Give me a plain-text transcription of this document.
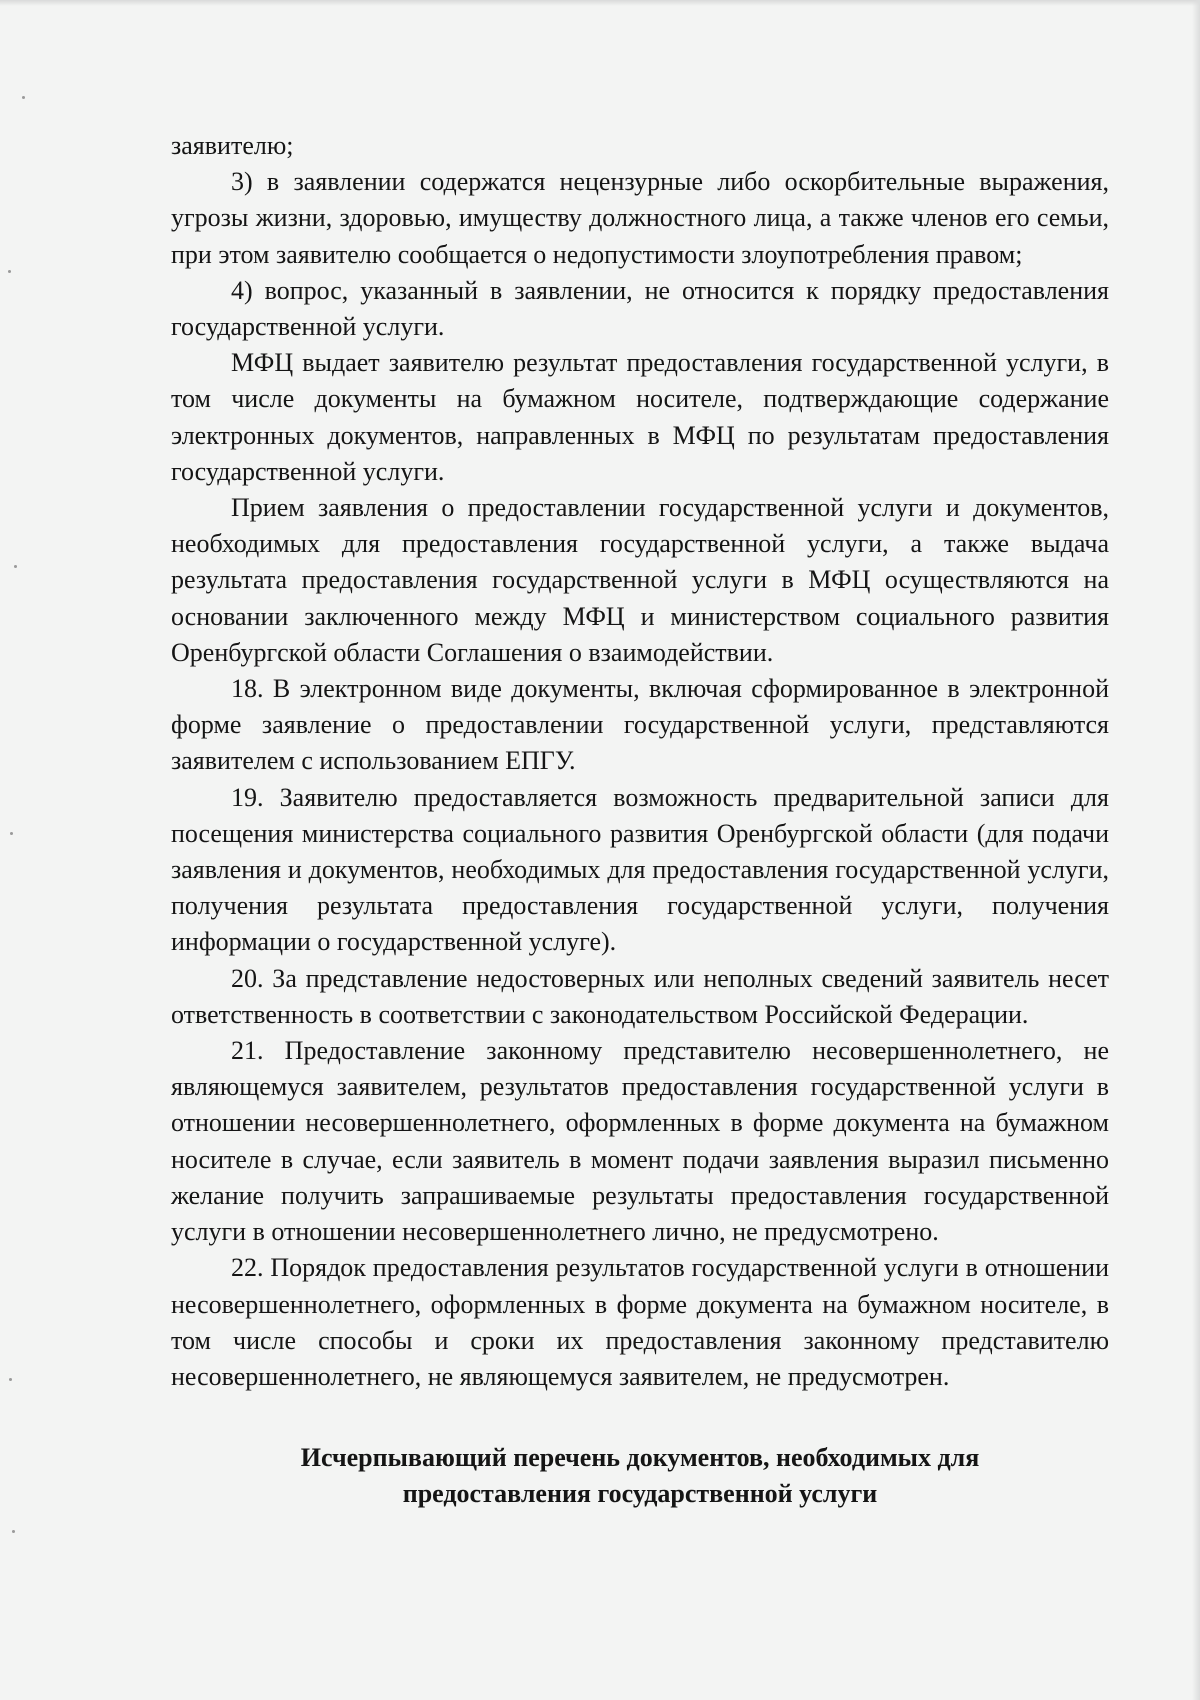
заявителю;

3) в заявлении содержатся нецензурные либо оскорбительные выражения, угрозы жизни, здоровью, имуществу должностного лица, а также членов его семьи, при этом заявителю сообщается о недопустимости злоупотребления правом;

4) вопрос, указанный в заявлении, не относится к порядку предоставления государственной услуги.

МФЦ выдает заявителю результат предоставления государственной услуги, в том числе документы на бумажном носителе, подтверждающие содержание электронных документов, направленных в МФЦ по результатам предоставления государственной услуги.

Прием заявления о предоставлении государственной услуги и документов, необходимых для предоставления государственной услуги, а также выдача результата предоставления государственной услуги в МФЦ осуществляются на основании заключенного между МФЦ и министерством социального развития Оренбургской области Соглашения о взаимодействии.

18. В электронном виде документы, включая сформированное в электронной форме заявление о предоставлении государственной услуги, представляются заявителем с использованием ЕПГУ.

19. Заявителю предоставляется возможность предварительной записи для посещения министерства социального развития Оренбургской области (для подачи заявления и документов, необходимых для предоставления государственной услуги, получения результата предоставления государственной услуги, получения информации о государственной услуге).

20. За представление недостоверных или неполных сведений заявитель несет ответственность в соответствии с законодательством Российской Федерации.

21. Предоставление законному представителю несовершеннолетнего, не являющемуся заявителем, результатов предоставления государственной услуги в отношении несовершеннолетнего, оформленных в форме документа на бумажном носителе в случае, если заявитель в момент подачи заявления выразил письменно желание получить запрашиваемые результаты предоставления государственной услуги в отношении несовершеннолетнего лично, не предусмотрено.

22. Порядок предоставления результатов государственной услуги в отношении несовершеннолетнего, оформленных в форме документа на бумажном носителе, в том числе способы и сроки их предоставления законному представителю несовершеннолетнего, не являющемуся заявителем, не предусмотрен.

Исчерпывающий перечень документов, необходимых для
предоставления государственной услуги
